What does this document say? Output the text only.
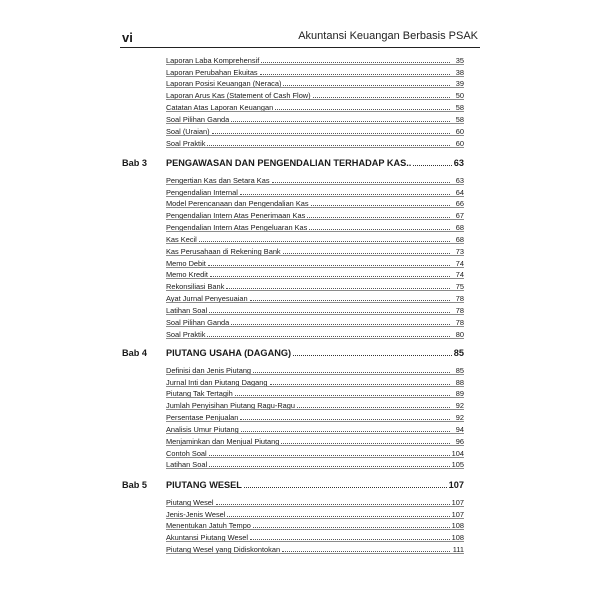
vi	Akuntansi Keuangan Berbasis PSAK
Laporan Laba Komprehensif	35
Laporan Perubahan Ekuitas	38
Laporan Posisi Keuangan (Neraca)	39
Laporan Arus Kas (Statement of Cash Flow)	50
Catatan Atas Laporan Keuangan	58
Soal Pilihan Ganda	58
Soal (Uraian)	60
Soal Praktik	60
Bab 3	PENGAWASAN DAN PENGENDALIAN TERHADAP KAS..	63
Pengertian Kas dan Setara Kas	63
Pengendalian Internal	64
Model Perencanaan dan Pengendalian Kas	66
Pengendalian Intern Atas Penerimaan Kas	67
Pengendalian Intern Atas Pengeluaran Kas	68
Kas Kecil	68
Kas Perusahaan di Rekening Bank	73
Memo Debit	74
Memo Kredit	74
Rekonsiliasi Bank	75
Ayat Jurnal Penyesuaian	78
Latihan Soal	78
Soal Pilihan Ganda	78
Soal Praktik	80
Bab 4	PIUTANG USAHA (DAGANG)	85
Definisi dan Jenis Piutang	85
Jurnal Inti dan Piutang Dagang	88
Piutang Tak Tertagih	89
Jumlah Penyisihan Piutang Ragu-Ragu	92
Persentase Penjualan	92
Analisis Umur Piutang	94
Menjaminkan dan Menjual Piutang	96
Contoh Soal	104
Latihan Soal	105
Bab 5	PIUTANG WESEL	107
Piutang Wesel	107
Jenis-Jenis Wesel	107
Menentukan Jatuh Tempo	108
Akuntansi Piutang Wesel	108
Piutang Wesel yang Didiskontokan	111
